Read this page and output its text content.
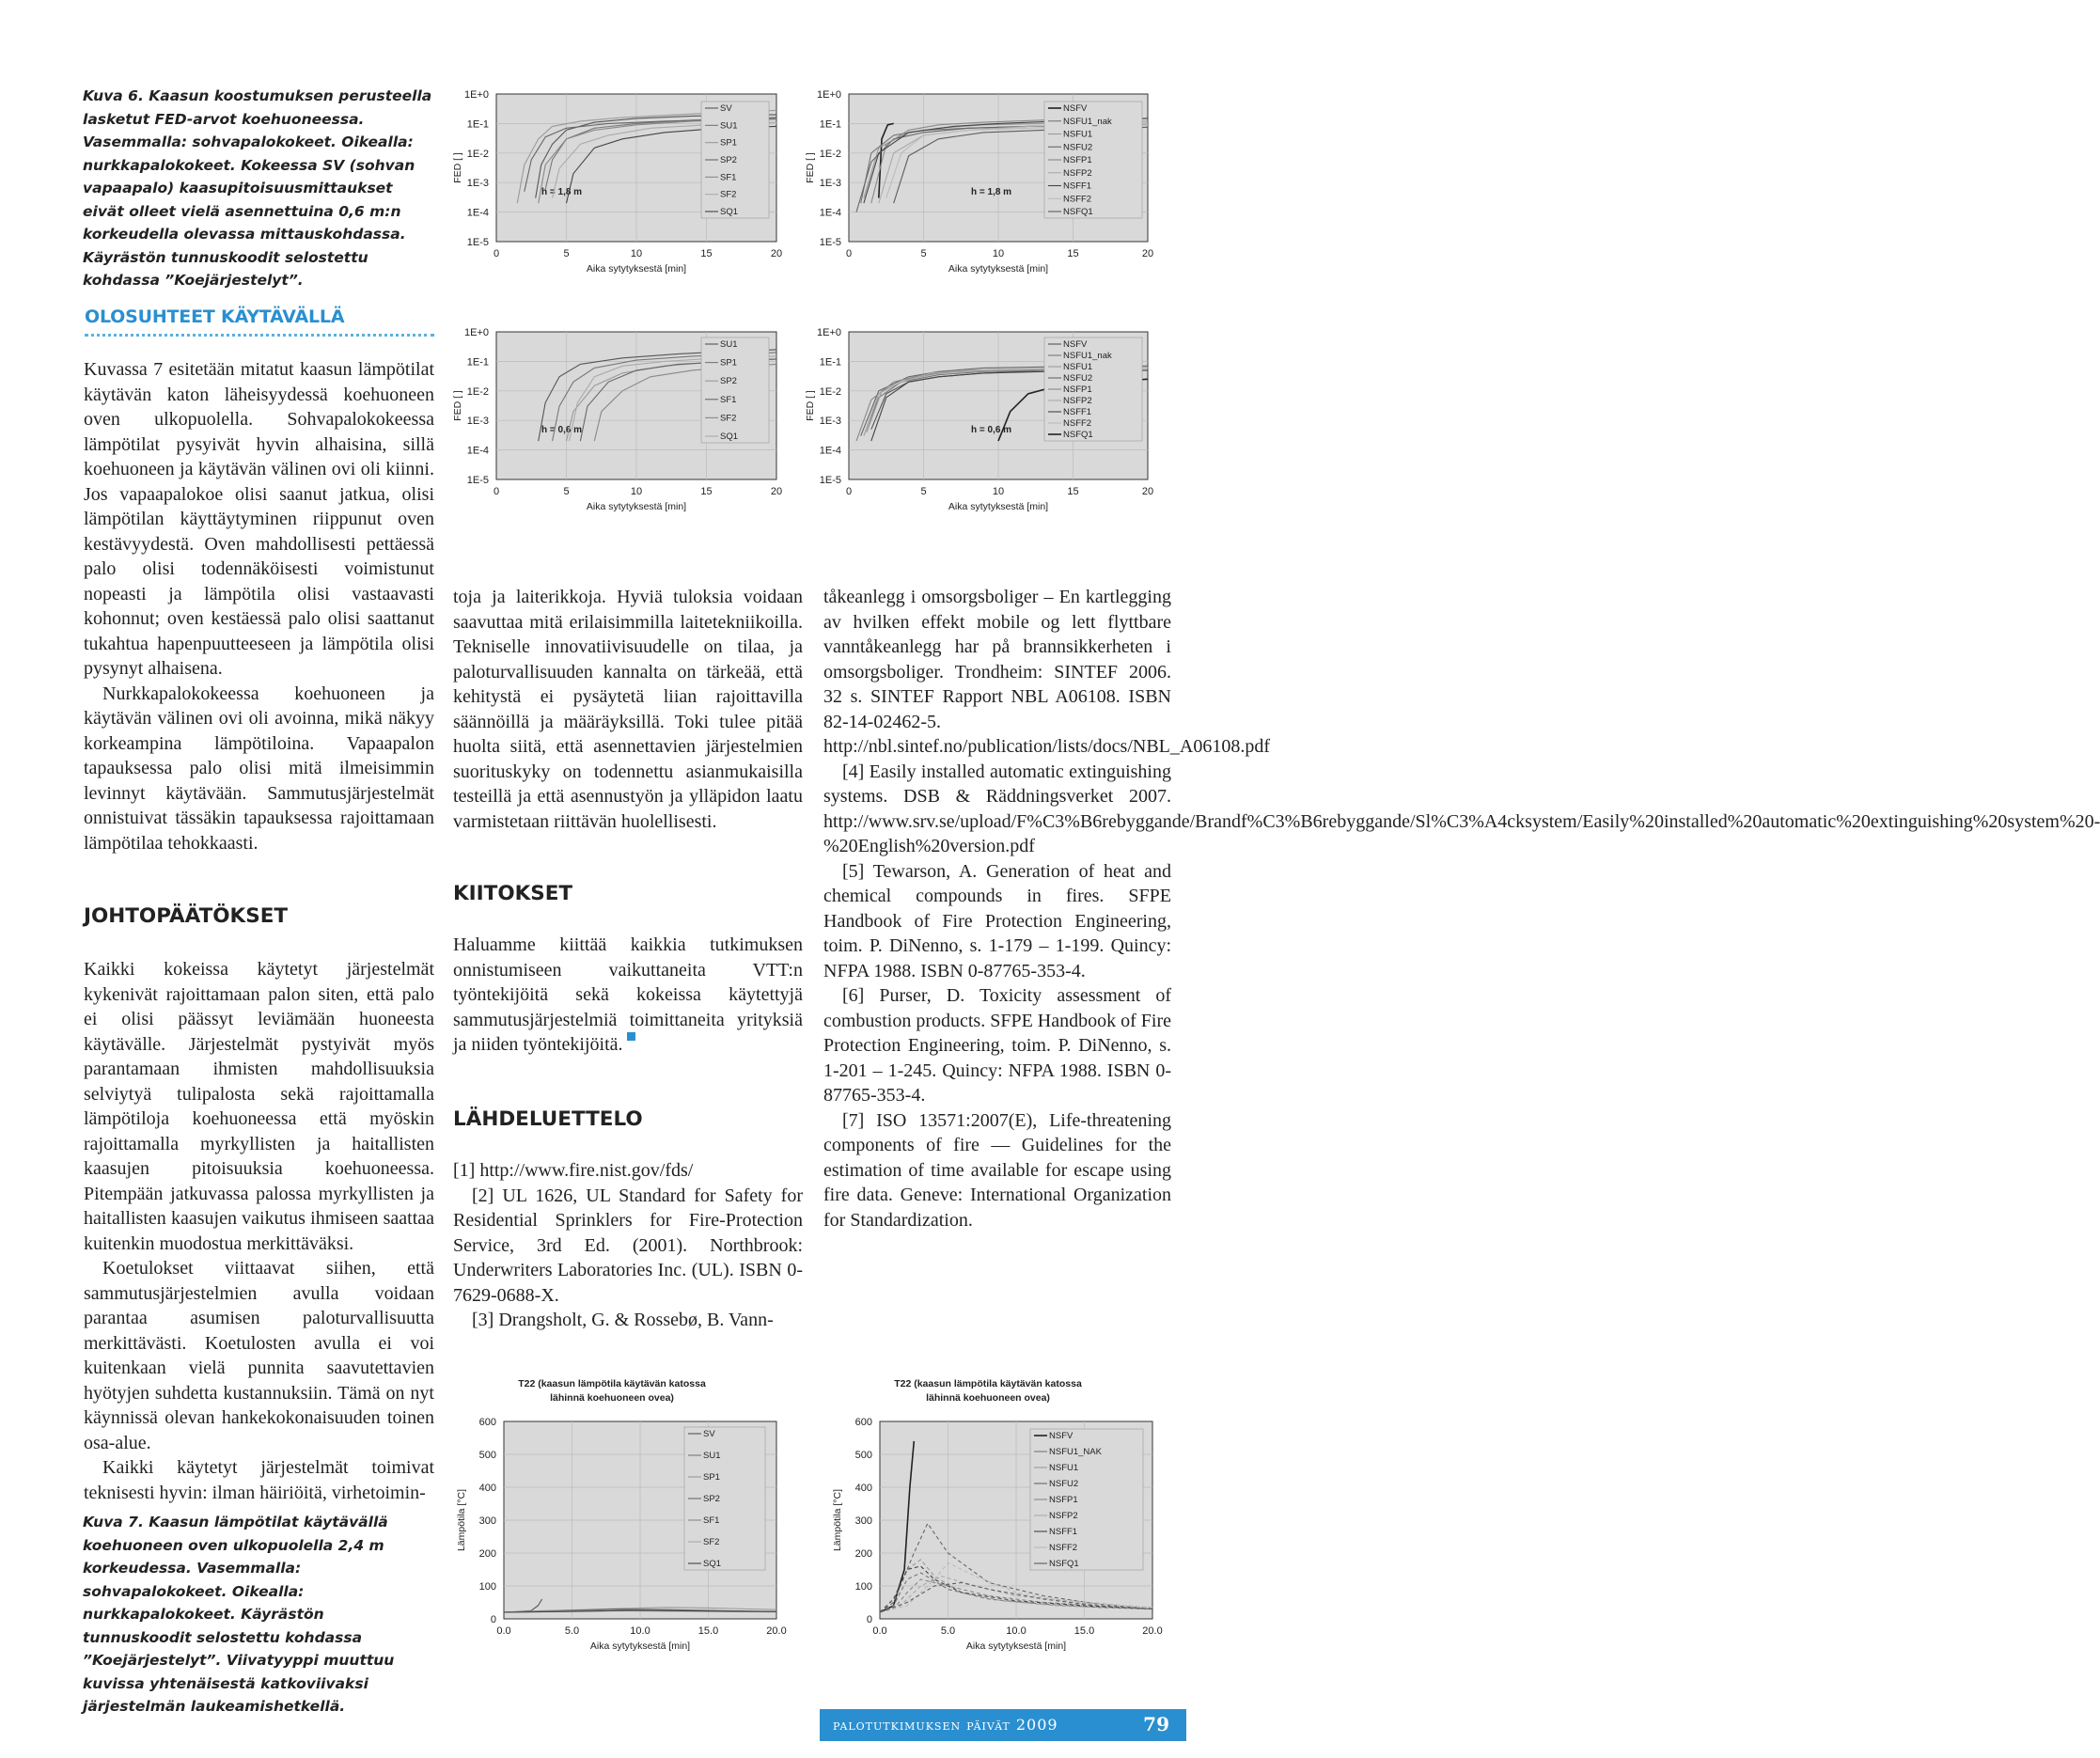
Kuva 6. Kaasun koostumuksen perusteella lasketut FED-arvot koehuoneessa. Vasemmalla: sohvapalokokeet. Oikealla: nurkkapalokokeet. Kokeessa SV (sohvan vapaapalo) kaasupitoisuusmittaukset eivät olleet vielä asennettuina 0,6 m:n korkeudella olevassa mittauskohdassa. Käyrästön tunnuskoodit selostettu kohdassa ”Koejärjestelyt”.

OLOSUHTEET KÄYTÄVÄLLÄ

Kuvassa 7 esitetään mitatut kaasun lämpötilat käytävän katon läheisyydessä koehuoneen oven ulkopuolella. Sohvapalokokeessa lämpötilat pysyivät hyvin alhaisina, sillä koehuoneen ja käytävän välinen ovi oli kiinni. Jos vapaapalokoe olisi saanut jatkua, olisi lämpötilan käyttäytyminen riippunut oven kestävyydestä. Oven mahdollisesti pettäessä palo olisi todennäköisesti voimistunut nopeasti ja lämpötila olisi vastaavasti kohonnut; oven kestäessä palo olisi saattanut tukahtua hapenpuutteeseen ja lämpötila olisi pysynyt alhaisena.

Nurkkapalokokeessa koehuoneen ja käytävän välinen ovi oli avoinna, mikä näkyy korkeampina lämpötiloina. Vapaapalon tapauksessa palo olisi mitä ilmeisimmin levinnyt käytävään. Sammutusjärjestelmät onnistuivat tässäkin tapauksessa rajoittamaan lämpötilaa tehokkaasti.

JOHTOPÄÄTÖKSET

Kaikki kokeissa käytetyt järjestelmät kykenivät rajoittamaan palon siten, että palo ei olisi päässyt leviämään huoneesta käytävälle. Järjestelmät pystyivät myös parantamaan ihmisten mahdollisuuksia selviytyä tulipalosta sekä rajoittamalla lämpötiloja koehuoneessa että myöskin rajoittamalla myrkyllisten ja haitallisten kaasujen pitoisuuksia koehuoneessa. Pitempään jatkuvassa palossa myrkyllisten ja haitallisten kaasujen vaikutus ihmiseen saattaa kuitenkin muodostua merkittäväksi.

Koetulokset viittaavat siihen, että sammutusjärjestelmien avulla voidaan parantaa asumisen paloturvallisuutta merkittävästi. Koetulosten avulla ei voi kuitenkaan vielä punnita saavutettavien hyötyjen suhdetta kustannuksiin. Tämä on nyt käynnissä olevan hankekokonaisuuden toinen osa-alue.

Kaikki käytetyt järjestelmät toimivat teknisesti hyvin: ilman häiriöitä, virhetoimin-

Kuva 7. Kaasun lämpötilat käytävällä koehuoneen oven ulkopuolella 2,4 m korkeudessa. Vasemmalla: sohvapalokokeet. Oikealla: nurkkapalokokeet. Käyrästön tunnuskoodit selostettu kohdassa ”Koejärjestelyt”. Viivatyyppi muuttuu kuvissa yhtenäisestä katkoviivaksi järjestelmän laukeamishetkellä.

toja ja laiterikkoja. Hyviä tuloksia voidaan saavuttaa mitä erilaisimmilla laitetekniikoilla. Tekniselle innovatiivisuudelle on tilaa, ja paloturvallisuuden kannalta on tärkeää, että kehitystä ei pysäytetä liian rajoittavilla säännöillä ja määräyksillä. Toki tulee pitää huolta siitä, että asennettavien järjestelmien suorituskyky on todennettu asianmukaisilla testeillä ja että asennustyön ja ylläpidon laatu varmistetaan riittävän huolellisesti.

KIITOKSET

Haluamme kiittää kaikkia tutkimuksen onnistumiseen vaikuttaneita VTT:n työntekijöitä sekä kokeissa käytettyjä sammutusjärjestelmiä toimittaneita yrityksiä ja niiden työntekijöitä.

LÄHDELUETTELO

[1] http://www.fire.nist.gov/fds/

[2] UL 1626, UL Standard for Safety for Residential Sprinklers for Fire-Protection Service, 3rd Ed. (2001). Northbrook: Underwriters Laboratories Inc. (UL). ISBN 0-7629-0688-X.

[3] Drangsholt, G. & Rossebø, B. Vann-

tåkeanlegg i omsorgsboliger – En kartlegging av hvilken effekt mobile og lett flyttbare vanntåkeanlegg har på brannsikkerheten i omsorgsboliger. Trondheim: SINTEF 2006. 32 s. SINTEF Rapport NBL A06108. ISBN 82-14-02462-5. http://nbl.sintef.no/publication/lists/docs/NBL_A06108.pdf

[4] Easily installed automatic extinguishing systems. DSB & Räddningsverket 2007. http://www.srv.se/upload/F%C3%B6rebyggande/Brandf%C3%B6rebyggande/Sl%C3%A4cksystem/Easily%20installed%20automatic%20extinguishing%20system%20-%20English%20version.pdf

[5] Tewarson, A. Generation of heat and chemical compounds in fires. SFPE Handbook of Fire Protection Engineering, toim. P. DiNenno, s. 1-179 – 1-199. Quincy: NFPA 1988. ISBN 0-87765-353-4.

[6] Purser, D. Toxicity assessment of combustion products. SFPE Handbook of Fire Protection Engineering, toim. P. DiNenno, s. 1-201 – 1-245. Quincy: NFPA 1988. ISBN 0-87765-353-4.

[7] ISO 13571:2007(E), Life-threatening components of fire — Guidelines for the estimation of time available for escape using fire data. Geneve: International Organization for Standardization.

1E-5
1E-4
1E-3
1E-2
1E-1
1E+0
0	5	10	15	20
Aika sytytyksestä [min]
FED [ ]
h = 1,8 m
SV
SU1
SP1
SP2
SF1
SF2
SQ1
1E-5
1E-4
1E-3
1E-2
1E-1
1E+0
0	5	10	15	20
Aika sytytyksestä [min]
FED [ ]
h = 1,8 m
NSFV
NSFU1_nak
NSFU1
NSFU2
NSFP1
NSFP2
NSFF1
NSFF2
NSFQ1
1E-5
1E-4
1E-3
1E-2
1E-1
1E+0
0	5	10	15	20
Aika sytytyksestä [min]
FED [ ]
h = 0,6 m
SU1
SP1
SP2
SF1
SF2
SQ1
1E-5
1E-4
1E-3
1E-2
1E-1
1E+0
0	5	10	15	20
Aika sytytyksestä [min]
FED [ ]
h = 0,6 m
NSFV
NSFU1_nak
NSFU1
NSFU2
NSFP1
NSFP2
NSFF1
NSFF2
NSFQ1
0
100
200
300
400
500
600
0.0	5.0	10.0	15.0	20.0
Aika sytytyksestä [min]
Lämpötila [°C]
T22 (kaasun lämpötila käytävän katossa
lähinnä koehuoneen ovea)
SV
SU1
SP1
SP2
SF1
SF2
SQ1
0
100
200
300
400
500
600
0.0	5.0	10.0	15.0	20.0
Aika sytytyksestä [min]
Lämpötila [°C]
T22 (kaasun lämpötila käytävän katossa
lähinnä koehuoneen ovea)
NSFV
NSFU1_NAK
NSFU1
NSFU2
NSFP1
NSFP2
NSFF1
NSFF2
NSFQ1
palotutkimuksen päivät 2009	79
